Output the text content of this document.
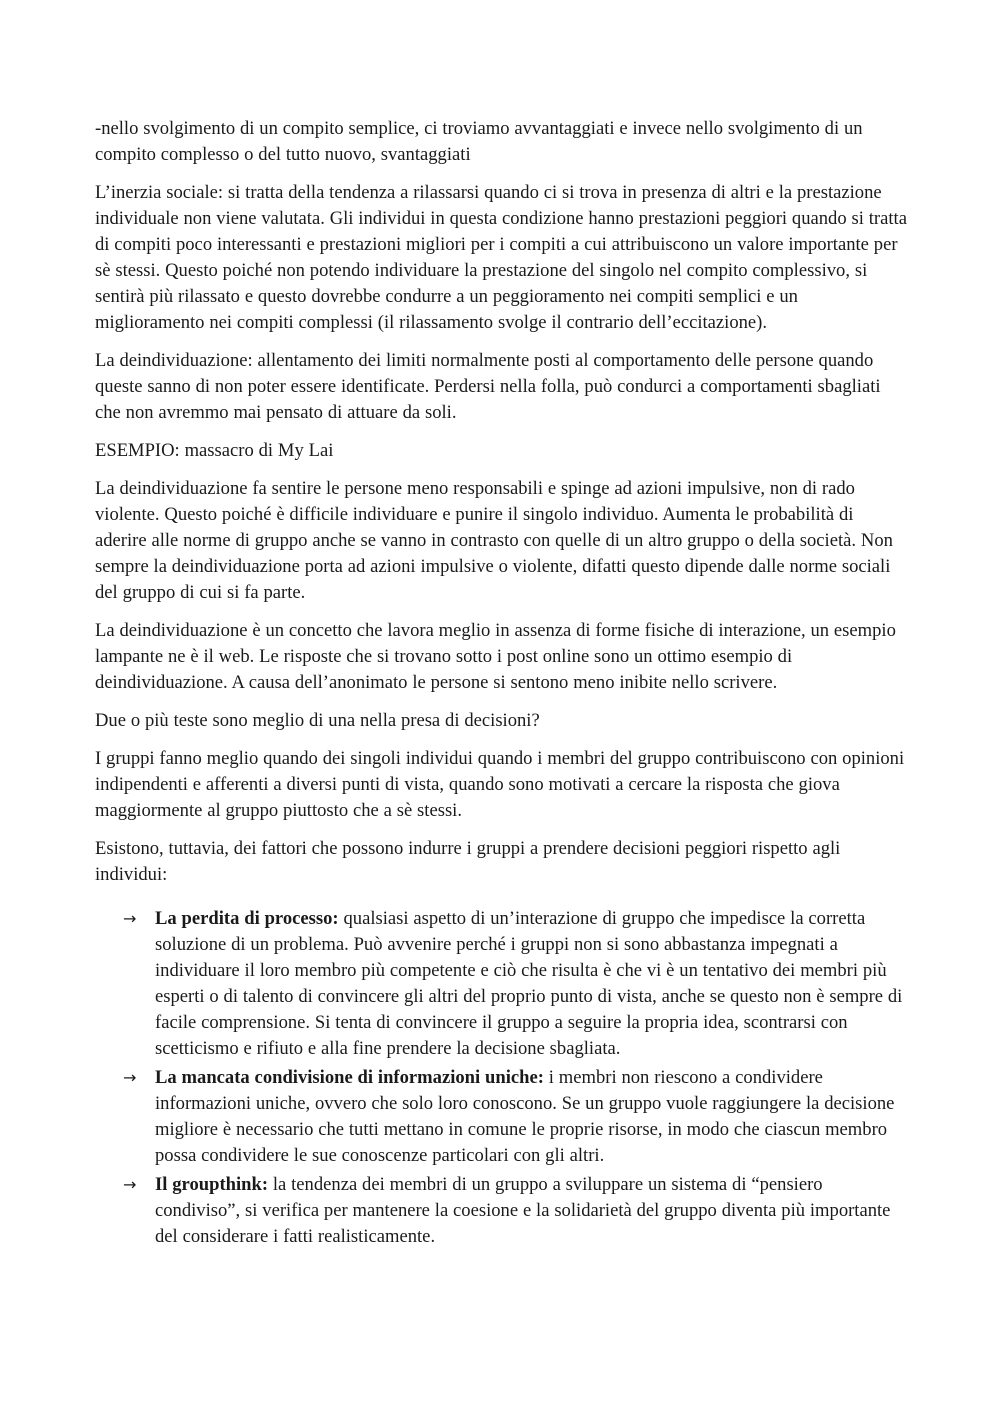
-nello svolgimento di un compito semplice, ci troviamo avvantaggiati e invece nello svolgimento di un compito complesso o del tutto nuovo, svantaggiati

L’inerzia sociale: si tratta della tendenza a rilassarsi quando ci si trova in presenza di altri e la prestazione individuale non viene valutata. Gli individui in questa condizione hanno prestazioni peggiori quando si tratta di compiti poco interessanti e prestazioni migliori per i compiti a cui attribuiscono un valore importante per sè stessi. Questo poiché non potendo individuare la prestazione del singolo nel compito complessivo, si sentirà più rilassato e questo dovrebbe condurre a un peggioramento nei compiti semplici e un miglioramento nei compiti complessi (il rilassamento svolge il contrario dell’eccitazione).

La deindividuazione: allentamento dei limiti normalmente posti al comportamento delle persone quando queste sanno di non poter essere identificate. Perdersi nella folla, può condurci a comportamenti sbagliati che non avremmo mai pensato di attuare da soli.

ESEMPIO: massacro di My Lai

La deindividuazione fa sentire le persone meno responsabili e spinge ad azioni impulsive, non di rado violente. Questo poiché è difficile individuare e punire il singolo individuo. Aumenta le probabilità di aderire alle norme di gruppo anche se vanno in contrasto con quelle di un altro gruppo o della società. Non sempre la deindividuazione porta ad azioni impulsive o violente, difatti questo dipende dalle norme sociali del gruppo di cui si fa parte.

La deindividuazione è un concetto che lavora meglio in assenza di forme fisiche di interazione, un esempio lampante ne è il web. Le risposte che si trovano sotto i post online sono un ottimo esempio di deindividuazione. A causa dell’anonimato le persone si sentono meno inibite nello scrivere.

Due o più teste sono meglio di una nella presa di decisioni?

I gruppi fanno meglio quando dei singoli individui quando i membri del gruppo contribuiscono con opinioni indipendenti e afferenti a diversi punti di vista, quando sono motivati a cercare la risposta che giova maggiormente al gruppo piuttosto che a sè stessi.

Esistono, tuttavia, dei fattori che possono indurre i gruppi a prendere decisioni peggiori rispetto agli individui:

→ La perdita di processo: qualsiasi aspetto di un’interazione di gruppo che impedisce la corretta soluzione di un problema. Può avvenire perché i gruppi non si sono abbastanza impegnati a individuare il loro membro più competente e ciò che risulta è che vi è un tentativo dei membri più esperti o di talento di convincere gli altri del proprio punto di vista, anche se questo non è sempre di facile comprensione. Si tenta di convincere il gruppo a seguire la propria idea, scontrarsi con scetticismo e rifiuto e alla fine prendere la decisione sbagliata.
→ La mancata condivisione di informazioni uniche: i membri non riescono a condividere informazioni uniche, ovvero che solo loro conoscono. Se un gruppo vuole raggiungere la decisione migliore è necessario che tutti mettano in comune le proprie risorse, in modo che ciascun membro possa condividere le sue conoscenze particolari con gli altri.
→ Il groupthink: la tendenza dei membri di un gruppo a sviluppare un sistema di “pensiero condiviso”, si verifica per mantenere la coesione e la solidarietà del gruppo diventa più importante del considerare i fatti realisticamente.
